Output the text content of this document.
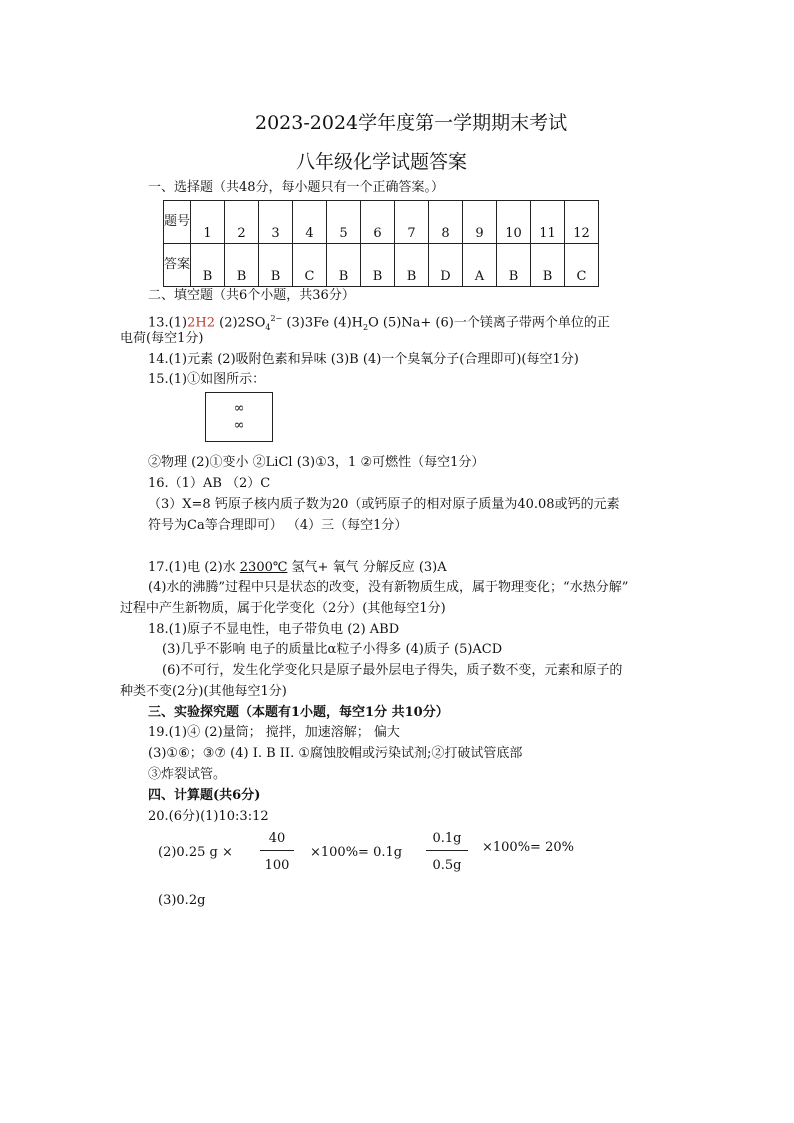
2023-2024学年度第一学期期末考试
八年级化学试题答案
一、选择题（共48分，每小题只有一个正确答案。）
题号	1	2	3	4	5	6	7	8	9	10	11	12
答案	B	B	B	C	B	B	B	D	A	B	B	C
二、填空题（共6个小题，共36分）
13.(1)2H2 $(2)2SO_4^{2-}$ (3)3Fe $(4)H_2O$ (5)Na+ (6)一个镁离子带两个单位的正
电荷(每空1分)
14.(1)元素 (2)吸附色素和异味 (3)B (4)一个臭氧分子(合理即可)(每空1分)
15.(1)①如图所示：
∞
∞
②物理 (2)①变小 ②LiCl (3)①3，1 ②可燃性（每空1分）
16.（1）AB （2）C
（3）X=8 钙原子核内质子数为20（或钙原子的相对原子质量为40.08或钙的元素
符号为Ca等合理即可） （4）三（每空1分）
17.(1)电 (2)水 2300℃ 氢气+ 氧气 分解反应 (3)A
(4)水的沸腾”过程中只是状态的改变，没有新物质生成，属于物理变化；“水热分解”
过程中产生新物质，属于化学变化（2分）(其他每空1分)
18.(1)原子不显电性，电子带负电 (2) ABD
(3)几乎不影响 电子的质量比α粒子小得多 (4)质子 (5)ACD
(6)不可行，发生化学变化只是原子最外层电子得失，质子数不变，元素和原子的
种类不变(2分)(其他每空1分)
三、实验探究题（本题有1小题，每空1分 共10分）
19.(1)④ (2)量筒； 搅拌，加速溶解； 偏大
(3)①⑥；③⑦ (4) I. B II. ①腐蚀胶帽或污染试剂;②打破试管底部
③炸裂试管。
四、计算题(共6分)
20.(6分)(1)10:3:12
(2)0.25 g ×
40
100
×100%= 0.1g
0.1g
0.5g
×100%= 20%
(3)0.2g
